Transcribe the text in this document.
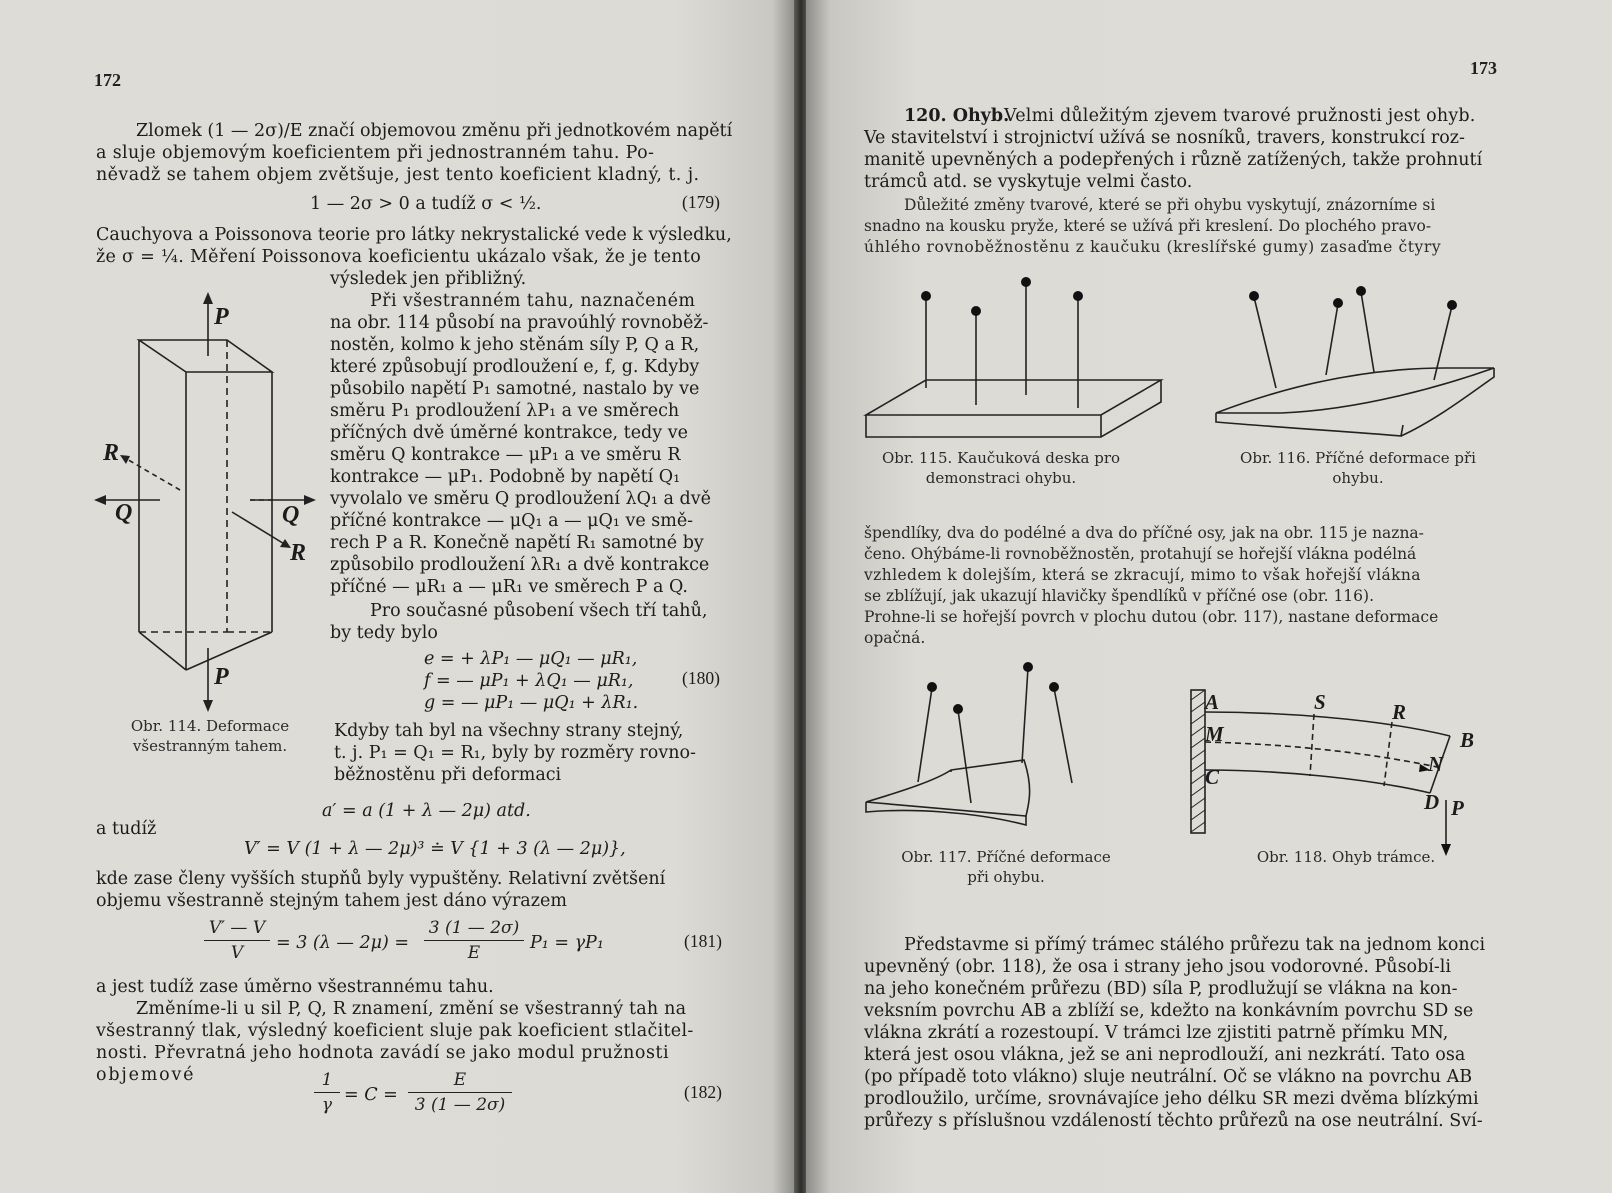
172
Zlomek (1 — 2σ)/E značí objemovou změnu při jednotkovém napětí
a sluje objemovým koeficientem při jednostranném tahu. Po-
něvadž se tahem objem zvětšuje, jest tento koeficient kladný, t. j.
1 — 2σ > 0 a tudíž σ < ½.	(179)
Cauchyova a Poissonova teorie pro látky nekrystalické vede k výsledku,
že σ = ¼. Měření Poissonova koeficientu ukázalo však, že je tento
výsledek jen přibližný.
Při všestranném tahu, naznačeném
na obr. 114 působí na pravoúhlý rovnoběž-
nostěn, kolmo k jeho stěnám síly P, Q a R,
které způsobují prodloužení e, f, g. Kdyby
působilo napětí P₁ samotné, nastalo by ve
směru P₁ prodloužení λP₁ a ve směrech
příčných dvě úměrné kontrakce, tedy ve
směru Q kontrakce — μP₁ a ve směru R
kontrakce — μP₁. Podobně by napětí Q₁
vyvolalo ve směru Q prodloužení λQ₁ a dvě
příčné kontrakce — μQ₁ a — μQ₁ ve smě-
rech P a R. Konečně napětí R₁ samotné by
způsobilo prodloužení λR₁ a dvě kontrakce
příčné — μR₁ a — μR₁ ve směrech P a Q.
Pro současné působení všech tří tahů,
by tedy bylo
e = + λP₁ — μQ₁ — μR₁,
f = — μP₁ + λQ₁ — μR₁,
g = — μP₁ — μQ₁ + λR₁.
(180)
Kdyby tah byl na všechny strany stejný,
t. j. P₁ = Q₁ = R₁, byly by rozměry rovno-
běžnostěnu při deformaci
P
R
Q	Q
R
P
Obr. 114. Deformace
všestranným tahem.
a′ = a (1 + λ — 2μ) atd.
a tudíž
V′ = V (1 + λ — 2μ)³ ≐ V {1 + 3 (λ — 2μ)},
kde zase členy vyšších stupňů byly vypuštěny. Relativní zvětšení
objemu všestranně stejným tahem jest dáno výrazem
V′ — V
V	= 3 (λ — 2μ) =
3 (1 — 2σ)
E	P₁ = γP₁	(181)
a jest tudíž zase úměrno všestrannému tahu.
Změníme-li u sil P, Q, R znamení, změní se všestranný tah na
všestranný tlak, výsledný koeficient sluje pak koeficient stlačitel-
nosti. Převratná jeho hodnota zavádí se jako modul pružnosti
objemové	1
γ = C =
E
3 (1 — 2σ)
(182)
173
120. Ohyb.
Velmi důležitým zjevem tvarové pružnosti jest ohyb.
Ve stavitelství i strojnictví užívá se nosníků, travers, konstrukcí roz-
manitě upevněných a podepřených i různě zatížených, takže prohnutí
trámců atd. se vyskytuje velmi často.
Důležité změny tvarové, které se při ohybu vyskytují, znázorníme si
snadno na kousku pryže, které se užívá při kreslení. Do plochého pravo-
úhlého rovnoběžnostěnu z kaučuku (kreslířské gumy) zasaďme čtyry
Obr. 115. Kaučuková deska pro
demonstraci ohybu.
Obr. 116. Příčné deformace při
ohybu.
špendlíky, dva do podélné a dva do příčné osy, jak na obr. 115 je nazna-
čeno. Ohýbáme-li rovnoběžnostěn, protahují se hořejší vlákna podélná
vzhledem k dolejším, která se zkracují, mimo to však hořejší vlákna
se zblížují, jak ukazují hlavičky špendlíků v příčné ose (obr. 116).
Prohne-li se hořejší povrch v plochu dutou (obr. 117), nastane deformace
opačná.
A
M
C
S	R
B
N
D P
Obr. 117. Příčné deformace
při ohybu.
Obr. 118. Ohyb trámce.
Představme si přímý trámec stálého průřezu tak na jednom konci
upevněný (obr. 118), že osa i strany jeho jsou vodorovné. Působí-li
na jeho konečném průřezu (BD) síla P, prodlužují se vlákna na kon-
veksním povrchu AB a zblíží se, kdežto na konkávním povrchu SD se
vlákna zkrátí a rozestoupí. V trámci lze zjistiti patrně přímku MN,
která jest osou vlákna, jež se ani neprodlouží, ani nezkrátí. Tato osa
(po případě toto vlákno) sluje neutrální. Oč se vlákno na povrchu AB
prodloužilo, určíme, srovnávajíce jeho délku SR mezi dvěma blízkými
průřezy s příslušnou vzdáleností těchto průřezů na ose neutrální. Sví-
